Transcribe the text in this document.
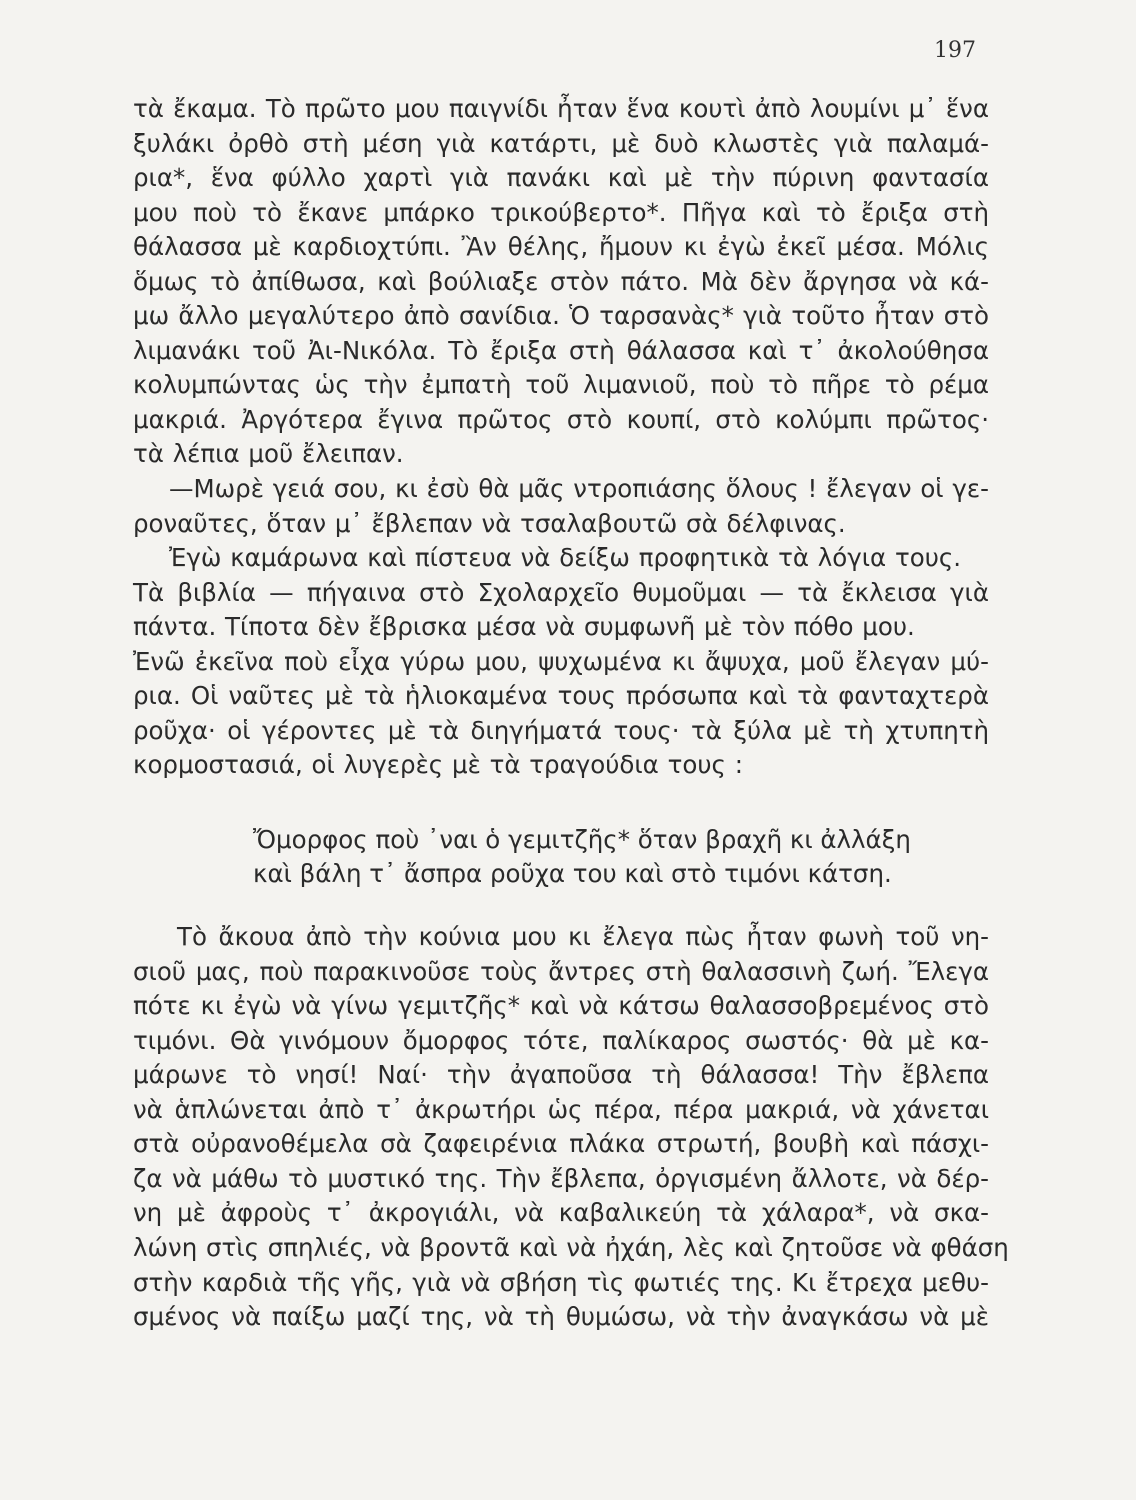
197
τὰ ἔκαμα. Τὸ πρῶτο μου παιγνίδι ἦταν ἕνα κουτὶ ἀπὸ λουμίνι μ᾽ ἕνα
ξυλάκι ὀρθὸ στὴ μέση γιὰ κατάρτι, μὲ δυὸ κλωστὲς γιὰ παλαμά-
ρια*, ἕνα φύλλο χαρτὶ γιὰ πανάκι καὶ μὲ τὴν πύρινη φαντασία
μου ποὺ τὸ ἔκανε μπάρκο τρικούβερτο*. Πῆγα καὶ τὸ ἔριξα στὴ
θάλασσα μὲ καρδιοχτύπι. Ἂν θέλης, ἤμουν κι ἐγὼ ἐκεῖ μέσα. Μόλις
ὅμως τὸ ἀπίθωσα, καὶ βούλιαξε στὸν πάτο. Μὰ δὲν ἄργησα νὰ κά-
μω ἄλλο μεγαλύτερο ἀπὸ σανίδια. Ὁ ταρσανὰς* γιὰ τοῦτο ἦταν στὸ
λιμανάκι τοῦ Ἀι-Νικόλα. Τὸ ἔριξα στὴ θάλασσα καὶ τ᾽ ἀκολούθησα
κολυμπώντας ὡς τὴν ἐμπατὴ τοῦ λιμανιοῦ, ποὺ τὸ πῆρε τὸ ρέμα
μακριά. Ἀργότερα ἔγινα πρῶτος στὸ κουπί, στὸ κολύμπι πρῶτος·
τὰ λέπια μοῦ ἔλειπαν.
—Μωρὲ γειά σου, κι ἐσὺ θὰ μᾶς ντροπιάσης ὅλους ! ἔλεγαν οἱ γε-
ροναῦτες, ὅταν μ᾽ ἔβλεπαν νὰ τσαλαβουτῶ σὰ δέλφινας.
Ἐγὼ καμάρωνα καὶ πίστευα νὰ δείξω προφητικὰ τὰ λόγια τους.
Τὰ βιβλία — πήγαινα στὸ Σχολαρχεῖο θυμοῦμαι — τὰ ἔκλεισα γιὰ
πάντα. Τίποτα δὲν ἔβρισκα μέσα νὰ συμφωνῆ μὲ τὸν πόθο μου.
Ἐνῶ ἐκεῖνα ποὺ εἶχα γύρω μου, ψυχωμένα κι ἄψυχα, μοῦ ἔλεγαν μύ-
ρια. Οἱ ναῦτες μὲ τὰ ἡλιοκαμένα τους πρόσωπα καὶ τὰ φανταχτερὰ
ροῦχα· οἱ γέροντες μὲ τὰ διηγήματά τους· τὰ ξύλα μὲ τὴ χτυπητὴ
κορμοστασιά, οἱ λυγερὲς μὲ τὰ τραγούδια τους :
Ὄμορφος ποὺ ᾽ναι ὁ γεμιτζῆς* ὅταν βραχῆ κι ἀλλάξη
καὶ βάλη τ᾽ ἄσπρα ροῦχα του καὶ στὸ τιμόνι κάτση.
Τὸ ἄκουα ἀπὸ τὴν κούνια μου κι ἔλεγα πὼς ἦταν φωνὴ τοῦ νη-
σιοῦ μας, ποὺ παρακινοῦσε τοὺς ἄντρες στὴ θαλασσινὴ ζωή. Ἔλεγα
πότε κι ἐγὼ νὰ γίνω γεμιτζῆς* καὶ νὰ κάτσω θαλασσοβρεμένος στὸ
τιμόνι. Θὰ γινόμουν ὄμορφος τότε, παλίκαρος σωστός· θὰ μὲ κα-
μάρωνε τὸ νησί! Ναί· τὴν ἀγαποῦσα τὴ θάλασσα! Τὴν ἔβλεπα
νὰ ἁπλώνεται ἀπὸ τ᾽ ἀκρωτήρι ὡς πέρα, πέρα μακριά, νὰ χάνεται
στὰ οὐρανοθέμελα σὰ ζαφειρένια πλάκα στρωτή, βουβὴ καὶ πάσχι-
ζα νὰ μάθω τὸ μυστικό της. Τὴν ἔβλεπα, ὀργισμένη ἄλλοτε, νὰ δέρ-
νη μὲ ἀφροὺς τ᾽ ἀκρογιάλι, νὰ καβαλικεύη τὰ χάλαρα*, νὰ σκα-
λώνη στὶς σπηλιές, νὰ βροντᾶ καὶ νὰ ἠχάη, λὲς καὶ ζητοῦσε νὰ φθάση
στὴν καρδιὰ τῆς γῆς, γιὰ νὰ σβήση τὶς φωτιές της. Κι ἔτρεχα μεθυ-
σμένος νὰ παίξω μαζί της, νὰ τὴ θυμώσω, νὰ τὴν ἀναγκάσω νὰ μὲ
